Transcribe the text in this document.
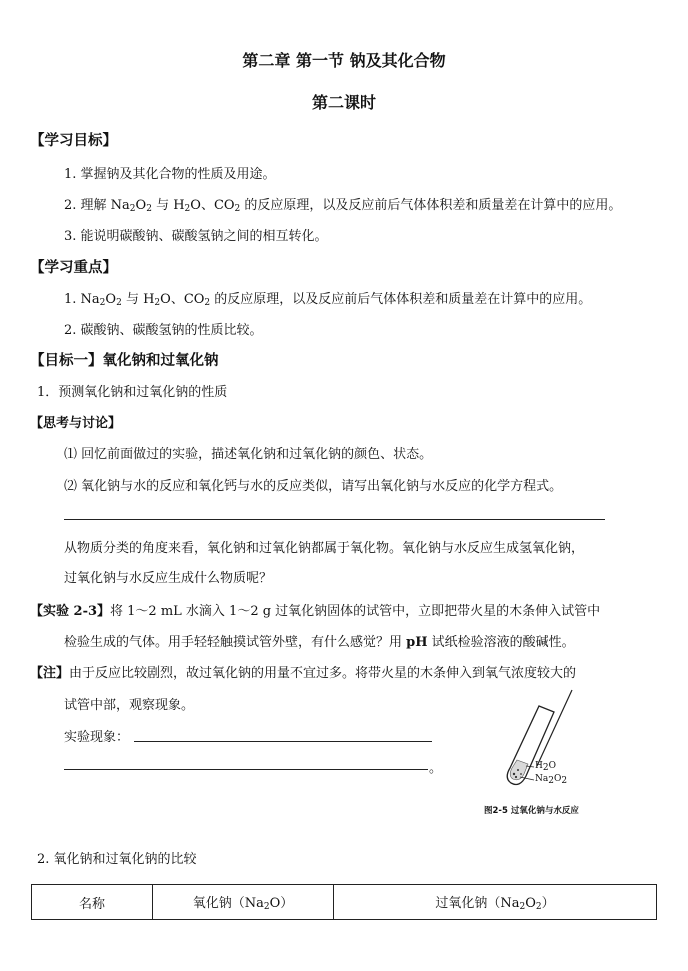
第二章 第一节 钠及其化合物
第二课时
【学习目标】
1. 掌握钠及其化合物的性质及用途。
2. 理解 $Na_2O_2$ 与 $H_2O$、$CO_2$ 的反应原理，以及反应前后气体体积差和质量差在计算中的应用。
3. 能说明碳酸钠、碳酸氢钠之间的相互转化。
【学习重点】
1. $Na_2O_2$ 与 $H_2O$、$CO_2$ 的反应原理，以及反应前后气体体积差和质量差在计算中的应用。
2. 碳酸钠、碳酸氢钠的性质比较。
【目标一】氧化钠和过氧化钠
1．预测氧化钠和过氧化钠的性质
【思考与讨论】
⑴ 回忆前面做过的实验，描述氧化钠和过氧化钠的颜色、状态。
⑵ 氧化钠与水的反应和氧化钙与水的反应类似，请写出氧化钠与水反应的化学方程式。
从物质分类的角度来看，氧化钠和过氧化钠都属于氧化物。氧化钠与水反应生成氢氧化钠，
过氧化钠与水反应生成什么物质呢？
【实验 2-3】将 1～2 mL 水滴入 1～2 g 过氧化钠固体的试管中，立即把带火星的木条伸入试管中
检验生成的气体。用手轻轻触摸试管外壁，有什么感觉？用 pH 试纸检验溶液的酸碱性。
【注】由于反应比较剧烈，故过氧化钠的用量不宜过多。将带火星的木条伸入到氧气浓度较大的
试管中部，观察现象。
实验现象：
。	$H_2O$
$Na_2O_2$
图2-5 过氧化钠与水反应
2. 氧化钠和过氧化钠的比较
名称	氧化钠$(Na_2O)$	过氧化钠$(Na_2O_2)$
